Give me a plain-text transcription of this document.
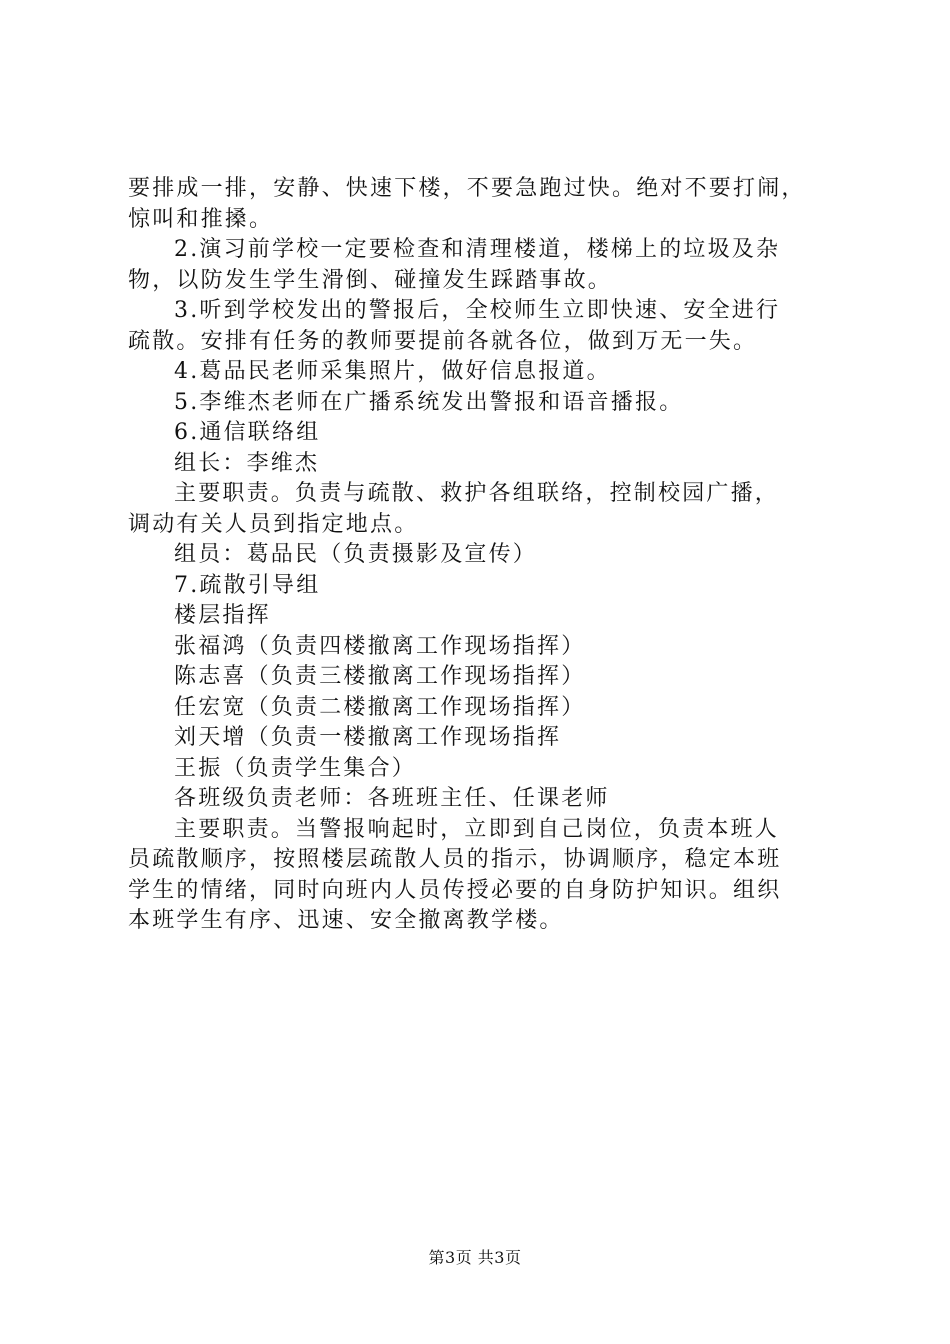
要排成一排，安静、快速下楼，不要急跑过快。绝对不要打闹，
惊叫和推搡。
2.演习前学校一定要检查和清理楼道，楼梯上的垃圾及杂
物，以防发生学生滑倒、碰撞发生踩踏事故。
3.听到学校发出的警报后，全校师生立即快速、安全进行
疏散。安排有任务的教师要提前各就各位，做到万无一失。
4.葛品民老师采集照片，做好信息报道。
5.李维杰老师在广播系统发出警报和语音播报。
6.通信联络组
组长：李维杰
主要职责。负责与疏散、救护各组联络，控制校园广播，
调动有关人员到指定地点。
组员：葛品民（负责摄影及宣传）
7.疏散引导组
楼层指挥
张福鸿（负责四楼撤离工作现场指挥）
陈志喜（负责三楼撤离工作现场指挥）
任宏宽（负责二楼撤离工作现场指挥）
刘天增（负责一楼撤离工作现场指挥
王振（负责学生集合）
各班级负责老师：各班班主任、任课老师
主要职责。当警报响起时，立即到自己岗位，负责本班人
员疏散顺序，按照楼层疏散人员的指示，协调顺序，稳定本班
学生的情绪，同时向班内人员传授必要的自身防护知识。组织
本班学生有序、迅速、安全撤离教学楼。
第3页 共3页
